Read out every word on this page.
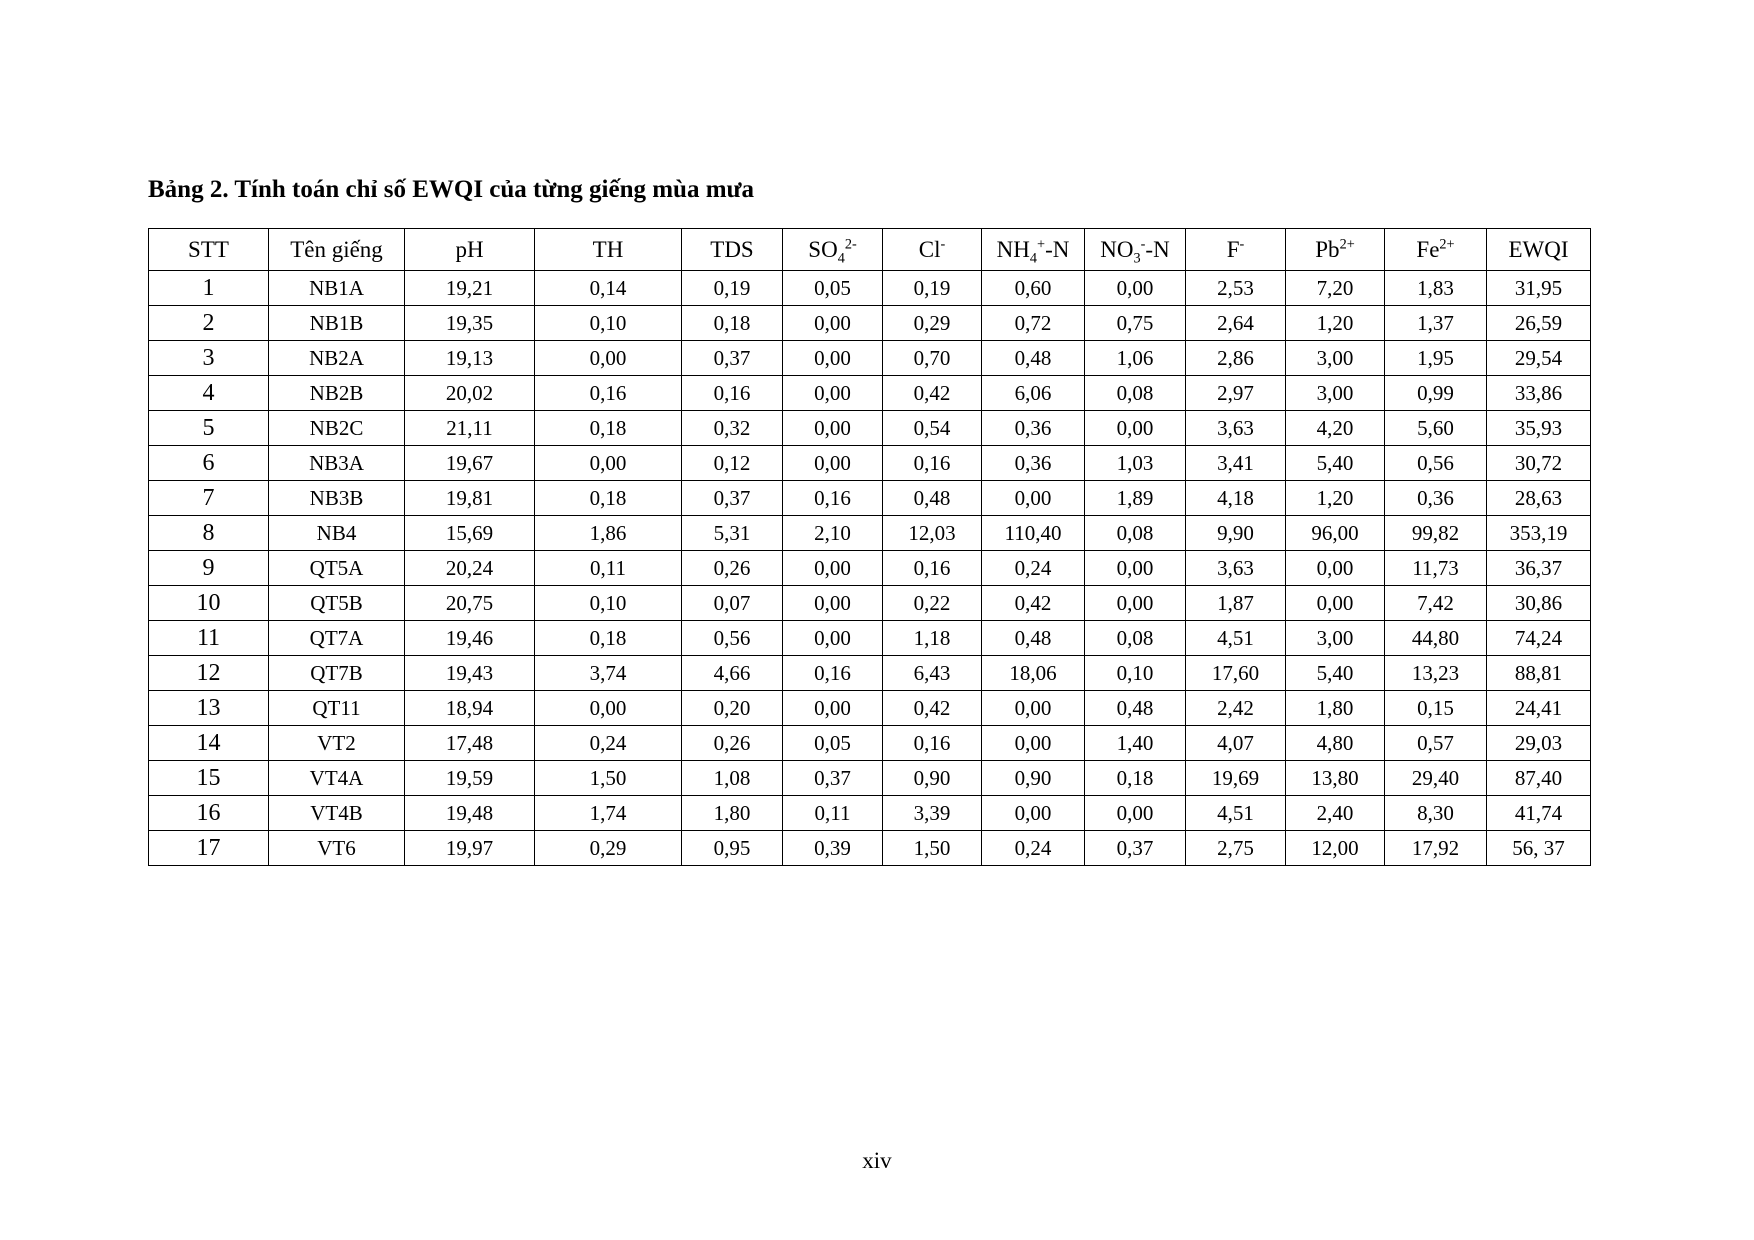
Bảng 2. Tính toán chỉ số EWQI của từng giếng mùa mưa
STT	Tên giếng	pH	TH	TDS	$SO_4^{2-}$	Cl-	$NH_4^+-N$	$NO_3^--N$	F-	$Pb^{2+}$	$Fe^{2+}$	EWQI
1	NB1A	19,21	0,14	0,19	0,05	0,19	0,60	0,00	2,53	7,20	1,83	31,95
2	NB1B	19,35	0,10	0,18	0,00	0,29	0,72	0,75	2,64	1,20	1,37	26,59
3	NB2A	19,13	0,00	0,37	0,00	0,70	0,48	1,06	2,86	3,00	1,95	29,54
4	NB2B	20,02	0,16	0,16	0,00	0,42	6,06	0,08	2,97	3,00	0,99	33,86
5	NB2C	21,11	0,18	0,32	0,00	0,54	0,36	0,00	3,63	4,20	5,60	35,93
6	NB3A	19,67	0,00	0,12	0,00	0,16	0,36	1,03	3,41	5,40	0,56	30,72
7	NB3B	19,81	0,18	0,37	0,16	0,48	0,00	1,89	4,18	1,20	0,36	28,63
8	NB4	15,69	1,86	5,31	2,10	12,03	110,40	0,08	9,90	96,00	99,82	353,19
9	QT5A	20,24	0,11	0,26	0,00	0,16	0,24	0,00	3,63	0,00	11,73	36,37
10	QT5B	20,75	0,10	0,07	0,00	0,22	0,42	0,00	1,87	0,00	7,42	30,86
11	QT7A	19,46	0,18	0,56	0,00	1,18	0,48	0,08	4,51	3,00	44,80	74,24
12	QT7B	19,43	3,74	4,66	0,16	6,43	18,06	0,10	17,60	5,40	13,23	88,81
13	QT11	18,94	0,00	0,20	0,00	0,42	0,00	0,48	2,42	1,80	0,15	24,41
14	VT2	17,48	0,24	0,26	0,05	0,16	0,00	1,40	4,07	4,80	0,57	29,03
15	VT4A	19,59	1,50	1,08	0,37	0,90	0,90	0,18	19,69	13,80	29,40	87,40
16	VT4B	19,48	1,74	1,80	0,11	3,39	0,00	0,00	4,51	2,40	8,30	41,74
17	VT6	19,97	0,29	0,95	0,39	1,50	0,24	0,37	2,75	12,00	17,92	56, 37
xiv
